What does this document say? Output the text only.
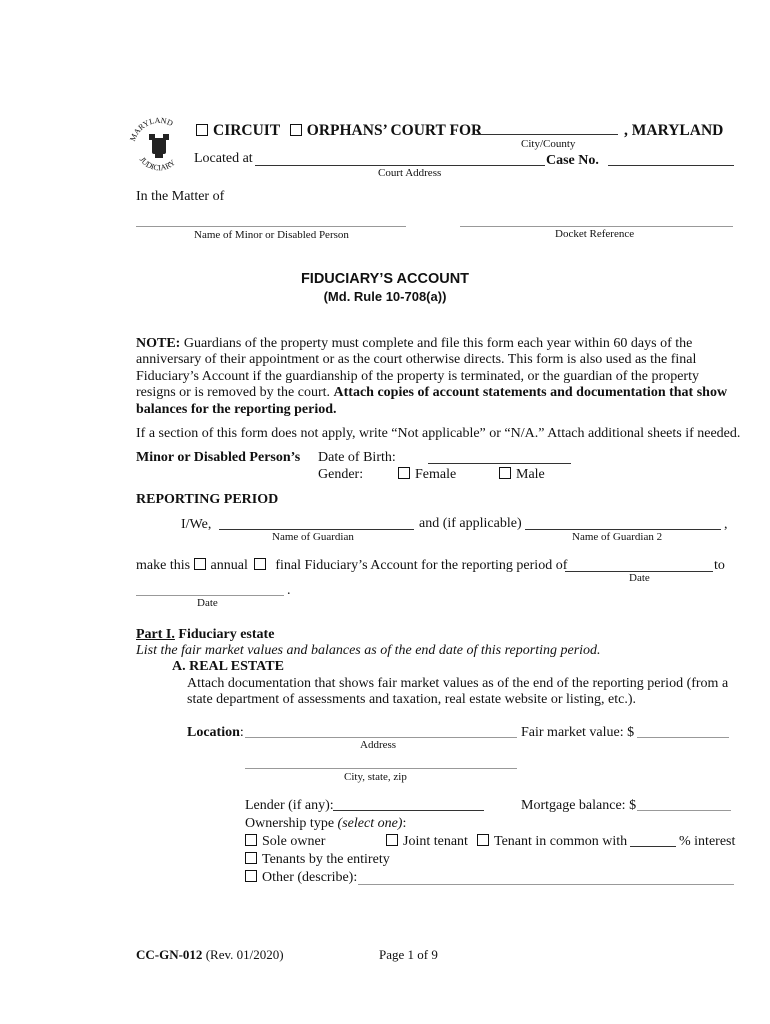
MARYLAND
JUDICIARY
CIRCUIT ORPHANS’ COURT FOR	, MARYLAND
City/County
Located at	Case No.
Court Address
In the Matter of
Name of Minor or Disabled Person	Docket Reference
FIDUCIARY’S ACCOUNT
(Md. Rule 10-708(a))
NOTE: Guardians of the property must complete and file this form each year within 60 days of the anniversary of their appointment or as the court otherwise directs. This form is also used as the final Fiduciary’s Account if the guardianship of the property is terminated, or the guardian of the property resigns or is removed by the court. Attach copies of account statements and documentation that show balances for the reporting period.
If a section of this form does not apply, write “Not applicable” or “N/A.” Attach additional sheets if needed.
Minor or Disabled Person’s Date of Birth:
Gender:	Female	Male
REPORTING PERIOD
I/We,	and (if applicable)	,
Name of Guardian	Name of Guardian 2
make this annual final Fiduciary’s Account for the reporting period of	to
Date
.
Date
Part I. Fiduciary estate
List the fair market values and balances as of the end date of this reporting period.
A. REAL ESTATE
Attach documentation that shows fair market values as of the end of the reporting period (from a state department of assessments and taxation, real estate website or listing, etc.).
Location:	Fair market value: $
Address
City, state, zip
Lender (if any):	Mortgage balance: $
Ownership type (select one):
Sole owner	Joint tenant	Tenant in common with	% interest
Tenants by the entirety
Other (describe):
CC-GN-012 (Rev. 01/2020)	Page 1 of 9
